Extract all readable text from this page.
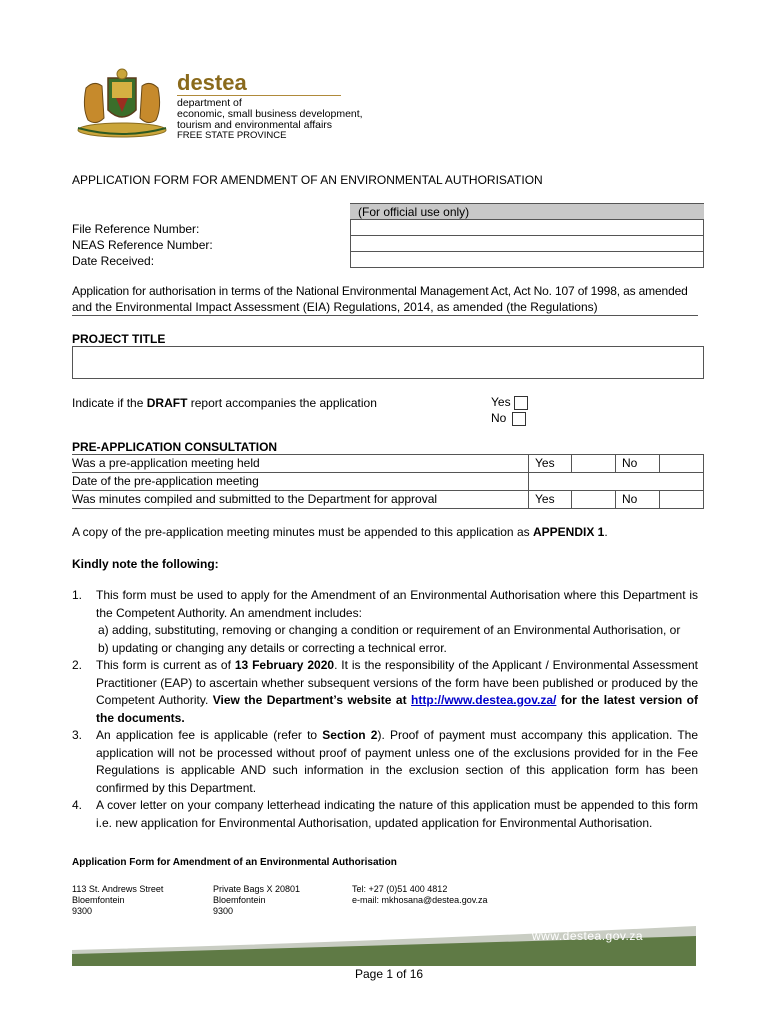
destea
department of
economic, small business development,
tourism and environmental affairs
FREE STATE PROVINCE
APPLICATION FORM FOR AMENDMENT OF AN ENVIRONMENTAL AUTHORISATION
(For official use only)
File Reference Number:
NEAS Reference Number:
Date Received:
Application for authorisation in terms of the National Environmental Management Act, Act No. 107 of 1998, as amended
and the Environmental Impact Assessment (EIA) Regulations, 2014, as amended (the Regulations)
PROJECT TITLE
Indicate if the DRAFT report accompanies the application	Yes
No
PRE-APPLICATION CONSULTATION
Was a pre-application meeting held	Yes	No
Date of the pre-application meeting
Was minutes compiled and submitted to the Department for approval	Yes	No
A copy of the pre-application meeting minutes must be appended to this application as APPENDIX 1.
Kindly note the following:
1. This form must be used to apply for the Amendment of an Environmental Authorisation where this Department is the Competent Authority. An amendment includes:
a) adding, substituting, removing or changing a condition or requirement of an Environmental Authorisation, or
b) updating or changing any details or correcting a technical error.
2. This form is current as of 13 February 2020. It is the responsibility of the Applicant / Environmental Assessment Practitioner (EAP) to ascertain whether subsequent versions of the form have been published or produced by the Competent Authority. View the Department’s website at http://www.destea.gov.za/ for the latest version of the documents.
3. An application fee is applicable (refer to Section 2). Proof of payment must accompany this application. The application will not be processed without proof of payment unless one of the exclusions provided for in the Fee Regulations is applicable AND such information in the exclusion section of this application form has been confirmed by this Department.
4. A cover letter on your company letterhead indicating the nature of this application must be appended to this form i.e. new application for Environmental Authorisation, updated application for Environmental Authorisation.
Application Form for Amendment of an Environmental Authorisation
113 St. Andrews Street
Bloemfontein
9300
Private Bags X 20801
Bloemfontein
9300
Tel: +27 (0)51 400 4812
e-mail: mkhosana@destea.gov.za
www.destea.gov.za
Page 1 of 16
